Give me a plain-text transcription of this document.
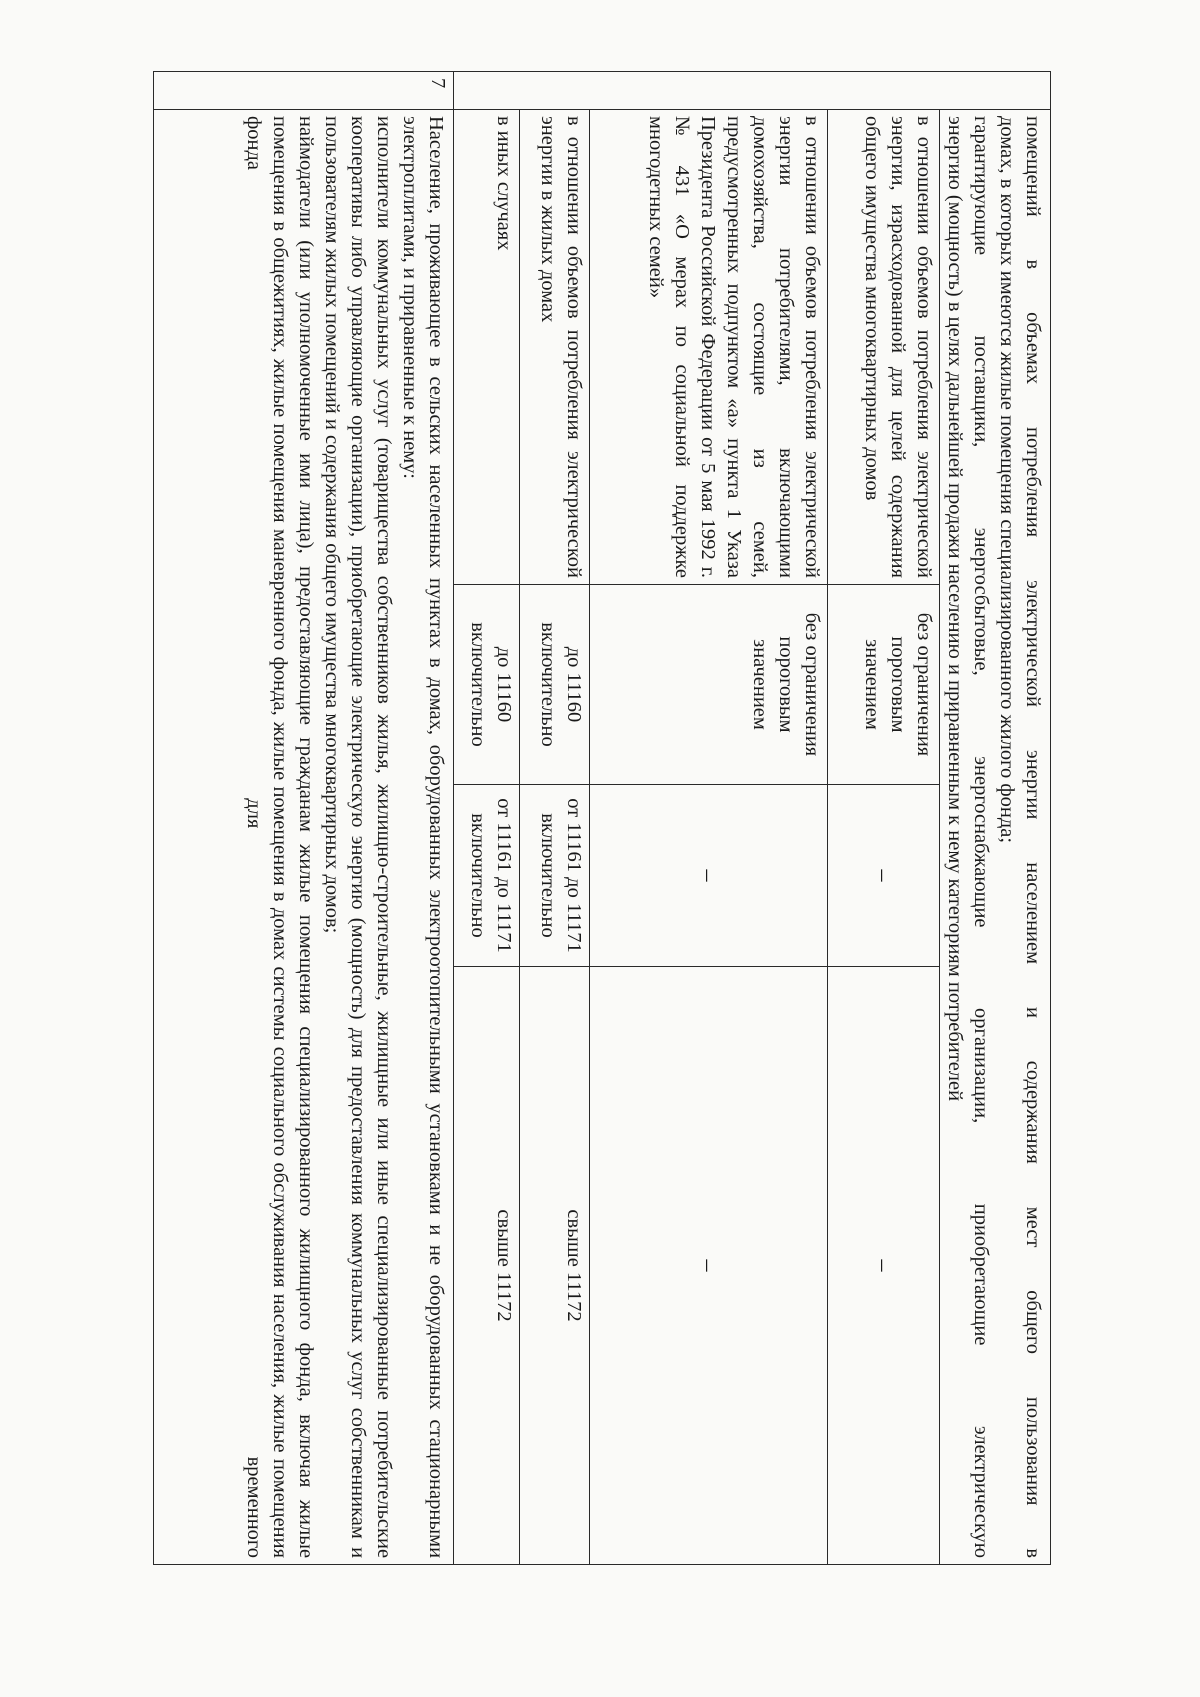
	помещений в объемах потребления электрической энергии населением и содержания мест общего пользования в
домах, в которых имеются жилые помещения специализированного жилого фонда;
гарантирующие поставщики, энергосбытовые, энергоснабжающие организации, приобретающие электрическую
энергию (мощность) в целях дальнейшей продажи населению и приравненным к нему категориям потребителей			

	в отношении объемов потребления электрической энергии, израсходованной для целей содержания общего имущества многоквартирных домов	без ограничения пороговым значением	–	–
	в отношении объемов потребления электрической энергии потребителями, включающими домохозяйства, состоящие из семей, предусмотренных подпунктом «а» пункта 1 Указа Президента Российской Федерации от 5 мая 1992 г. № 431 «О мерах по социальной поддержке многодетных семей»	без ограничения пороговым значением	–	–
	в отношении объемов потребления электрической энергии в жилых домах	до 11160 включительно	от 11161 до 11171 включительно	свыше 11172
	в иных случаях	до 11160 включительно	от 11161 до 11171 включительно	свыше 11172
7	Население, проживающее в сельских населенных пунктах в домах, оборудованных электроотопительными установками и не оборудованных стационарными электроплитами, и приравненные к нему:
исполнители коммунальных услуг (товарищества собственников жилья, жилищно-строительные, жилищные или иные специализированные потребительские кооперативы либо управляющие организации), приобретающие электрическую энергию (мощность) для предоставления коммунальных услуг собственникам и пользователям жилых помещений и содержания общего имущества многоквартирных домов;
наймодатели (или уполномоченные ими лица), предоставляющие гражданам жилые помещения специализированного жилищного фонда, включая жилые помещения в общежитиях, жилые помещения маневренного фонда, жилые помещения в домах системы социального обслуживания населения, жилые помещения фонда для временного			
